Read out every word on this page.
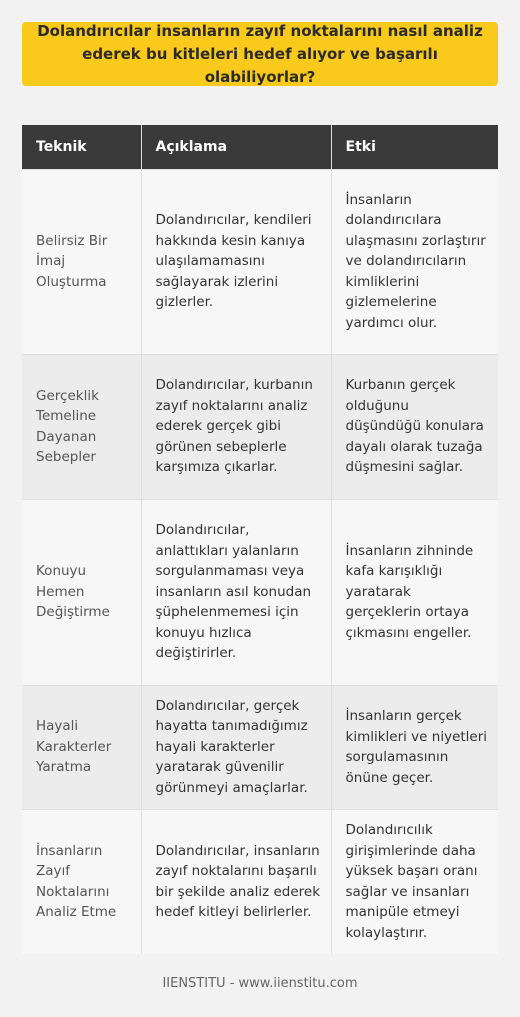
Dolandırıcılar insanların zayıf noktalarını nasıl analiz ederek bu kitleleri hedef alıyor ve başarılı olabiliyorlar?
Teknik	Açıklama	Etki
Belirsiz Bir İmaj Oluşturma	Dolandırıcılar, kendileri hakkında kesin kanıya ulaşılamamasını sağlayarak izlerini gizlerler.	İnsanların dolandırıcılara ulaşmasını zorlaştırır ve dolandırıcıların kimliklerini gizlemelerine yardımcı olur.
Gerçeklik Temeline Dayanan Sebepler	Dolandırıcılar, kurbanın zayıf noktalarını analiz ederek gerçek gibi görünen sebeplerle karşımıza çıkarlar.	Kurbanın gerçek olduğunu düşündüğü konulara dayalı olarak tuzağa düşmesini sağlar.
Konuyu Hemen Değiştirme	Dolandırıcılar, anlattıkları yalanların sorgulanmaması veya insanların asıl konudan şüphelenmemesi için konuyu hızlıca değiştirirler.	İnsanların zihninde kafa karışıklığı yaratarak gerçeklerin ortaya çıkmasını engeller.
Hayali Karakterler Yaratma	Dolandırıcılar, gerçek hayatta tanımadığımız hayali karakterler yaratarak güvenilir görünmeyi amaçlarlar.	İnsanların gerçek kimlikleri ve niyetleri sorgulamasının önüne geçer.
İnsanların Zayıf Noktalarını Analiz Etme	Dolandırıcılar, insanların zayıf noktalarını başarılı bir şekilde analiz ederek hedef kitleyi belirlerler.	Dolandırıcılık girişimlerinde daha yüksek başarı oranı sağlar ve insanları manipüle etmeyi kolaylaştırır.
IIENSTITU - www.iienstitu.com
